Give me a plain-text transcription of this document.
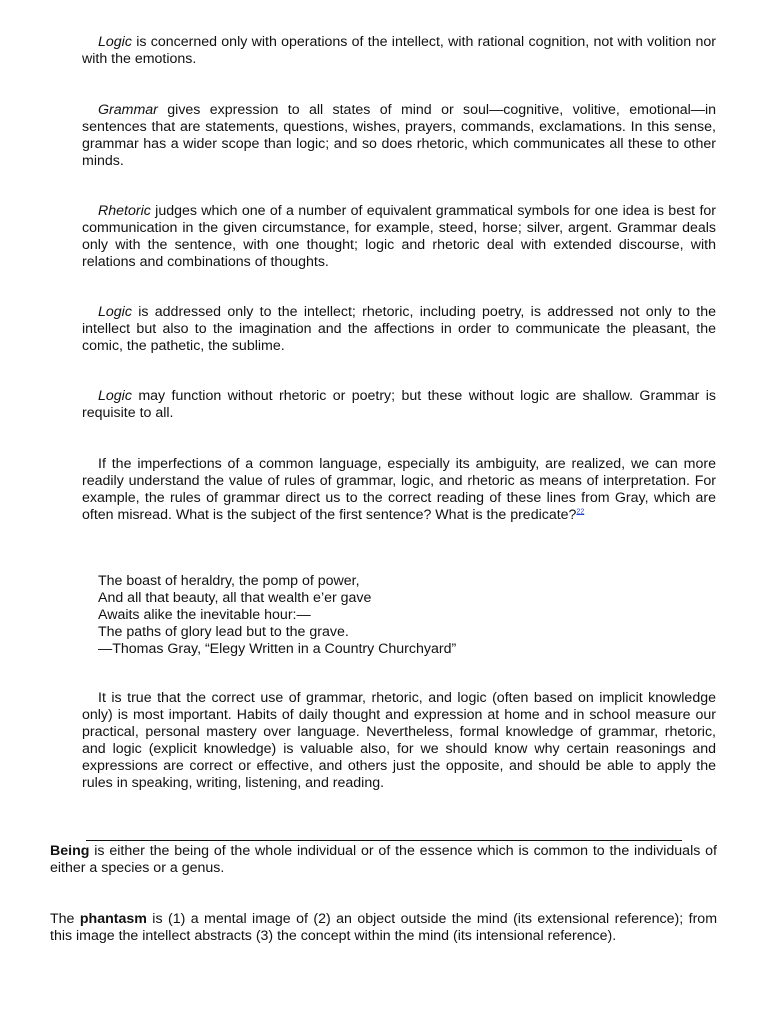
Logic is concerned only with operations of the intellect, with rational cognition, not with volition nor with the emotions.

Grammar gives expression to all states of mind or soul—cognitive, volitive, emotional—in sentences that are statements, questions, wishes, prayers, commands, exclamations. In this sense, grammar has a wider scope than logic; and so does rhetoric, which communicates all these to other minds.

Rhetoric judges which one of a number of equivalent grammatical symbols for one idea is best for communication in the given circumstance, for example, steed, horse; silver, argent. Grammar deals only with the sentence, with one thought; logic and rhetoric deal with extended discourse, with relations and combinations of thoughts.

Logic is addressed only to the intellect; rhetoric, including poetry, is addressed not only to the intellect but also to the imagination and the affections in order to communicate the pleasant, the comic, the pathetic, the sublime.

Logic may function without rhetoric or poetry; but these without logic are shallow. Grammar is requisite to all.

If the imperfections of a common language, especially its ambiguity, are realized, we can more readily understand the value of rules of grammar, logic, and rhetoric as means of interpretation. For example, the rules of grammar direct us to the correct reading of these lines from Gray, which are often misread. What is the subject of the first sentence? What is the predicate?$^{22}$

The boast of heraldry, the pomp of power,
And all that beauty, all that wealth e’er gave
Awaits alike the inevitable hour:—
The paths of glory lead but to the grave.
—Thomas Gray, “Elegy Written in a Country Churchyard”

It is true that the correct use of grammar, rhetoric, and logic (often based on implicit knowledge only) is most important. Habits of daily thought and expression at home and in school measure our practical, personal mastery over language. Nevertheless, formal knowledge of grammar, rhetoric, and logic (explicit knowledge) is valuable also, for we should know why certain reasonings and expressions are correct or effective, and others just the opposite, and should be able to apply the rules in speaking, writing, listening, and reading.

Being is either the being of the whole individual or of the essence which is common to the individuals of either a species or a genus.

The phantasm is (1) a mental image of (2) an object outside the mind (its extensional reference); from this image the intellect abstracts (3) the concept within the mind (its intensional reference).
